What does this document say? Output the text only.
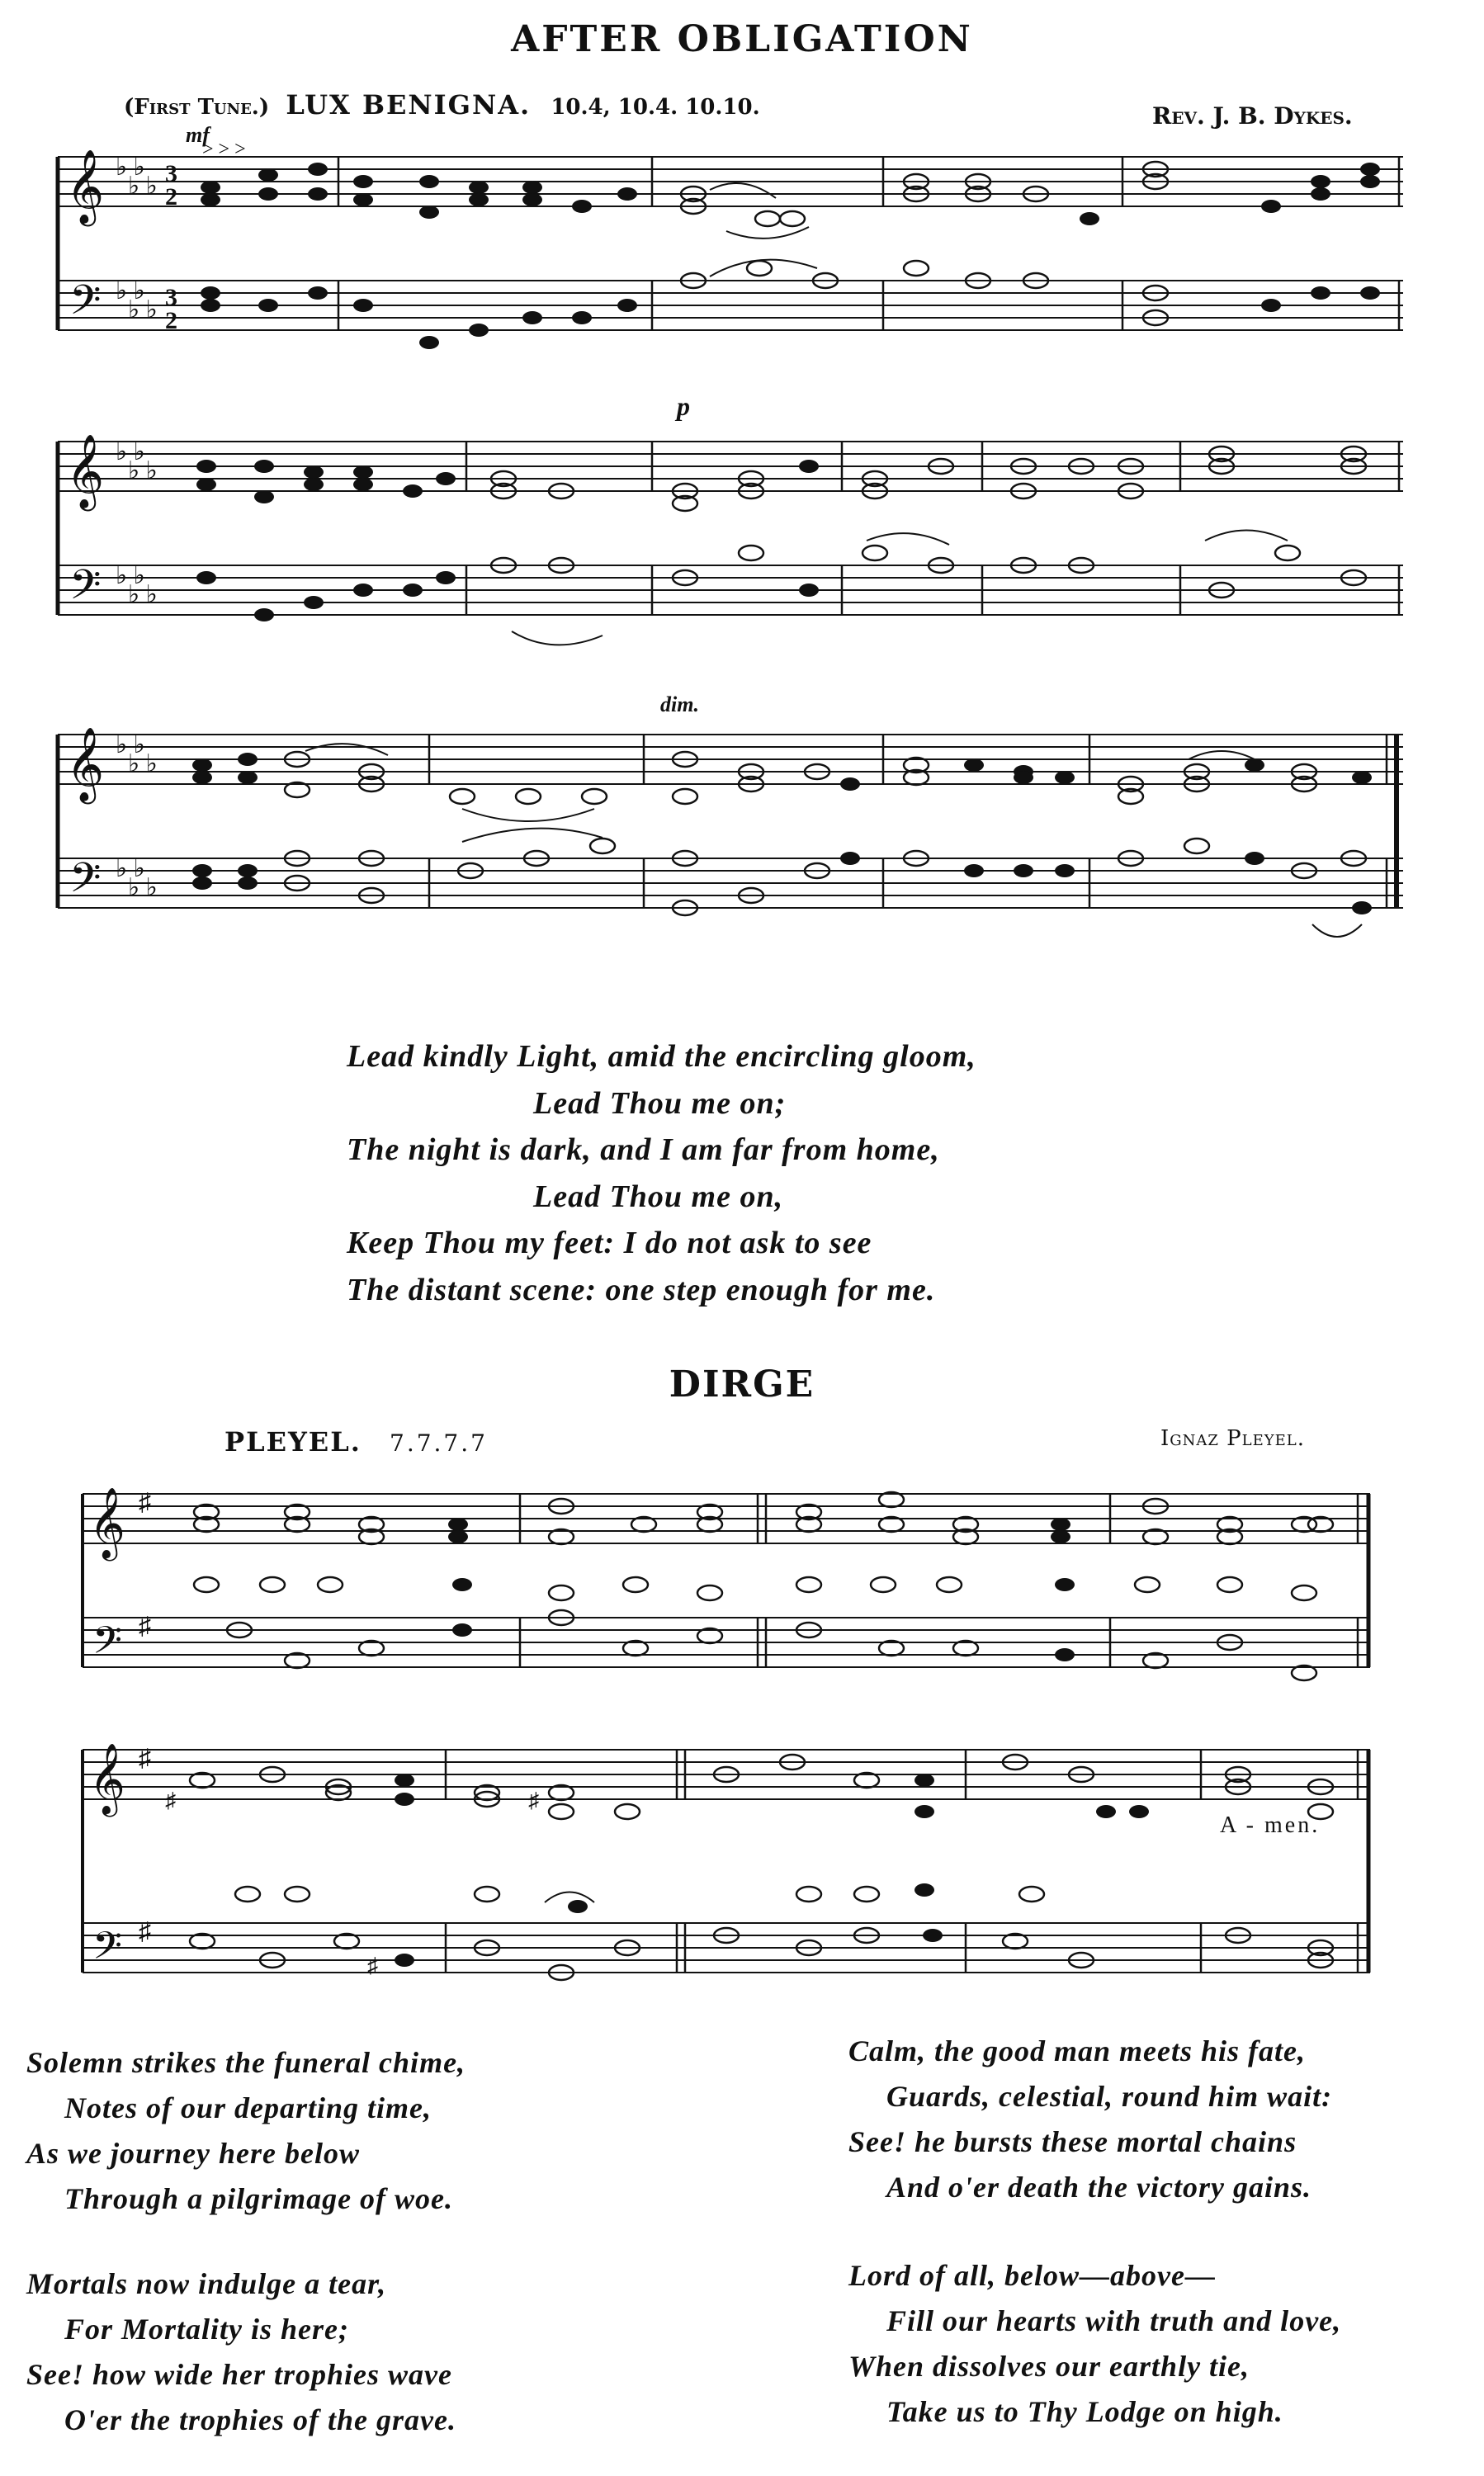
AFTER OBLIGATION
(First Tune.) LUX BENIGNA. 10.4, 10.4. 10.10.	Rev. J. B. Dykes.
𝄞
𝄢
♭ ♭
♭ ♭
♭ ♭
♭ ♭
3
2
3
2
mf
> > >
𝄞
𝄢
♭ ♭
♭ ♭
♭ ♭
♭ ♭
p
𝄞
𝄢
♭ ♭
♭ ♭
♭ ♭
♭ ♭
dim.
Lead kindly Light, amid the encircling gloom,
Lead Thou me on;
The night is dark, and I am far from home,
Lead Thou me on,
Keep Thou my feet: I do not ask to see
The distant scene: one step enough for me.
DIRGE
PLEYEL. 7.7.7.7	Ignaz Pleyel.
𝄞
𝄢
♯
♯
𝄞
𝄢
♯
♯
♯
♯
♯
A - men.
Solemn strikes the funeral chime,
Notes of our departing time,
As we journey here below
Through a pilgrimage of woe.
Mortals now indulge a tear,
For Mortality is here;
See! how wide her trophies wave
O'er the trophies of the grave.
Calm, the good man meets his fate,
Guards, celestial, round him wait:
See! he bursts these mortal chains
And o'er death the victory gains.
Lord of all, below—above—
Fill our hearts with truth and love,
When dissolves our earthly tie,
Take us to Thy Lodge on high.
